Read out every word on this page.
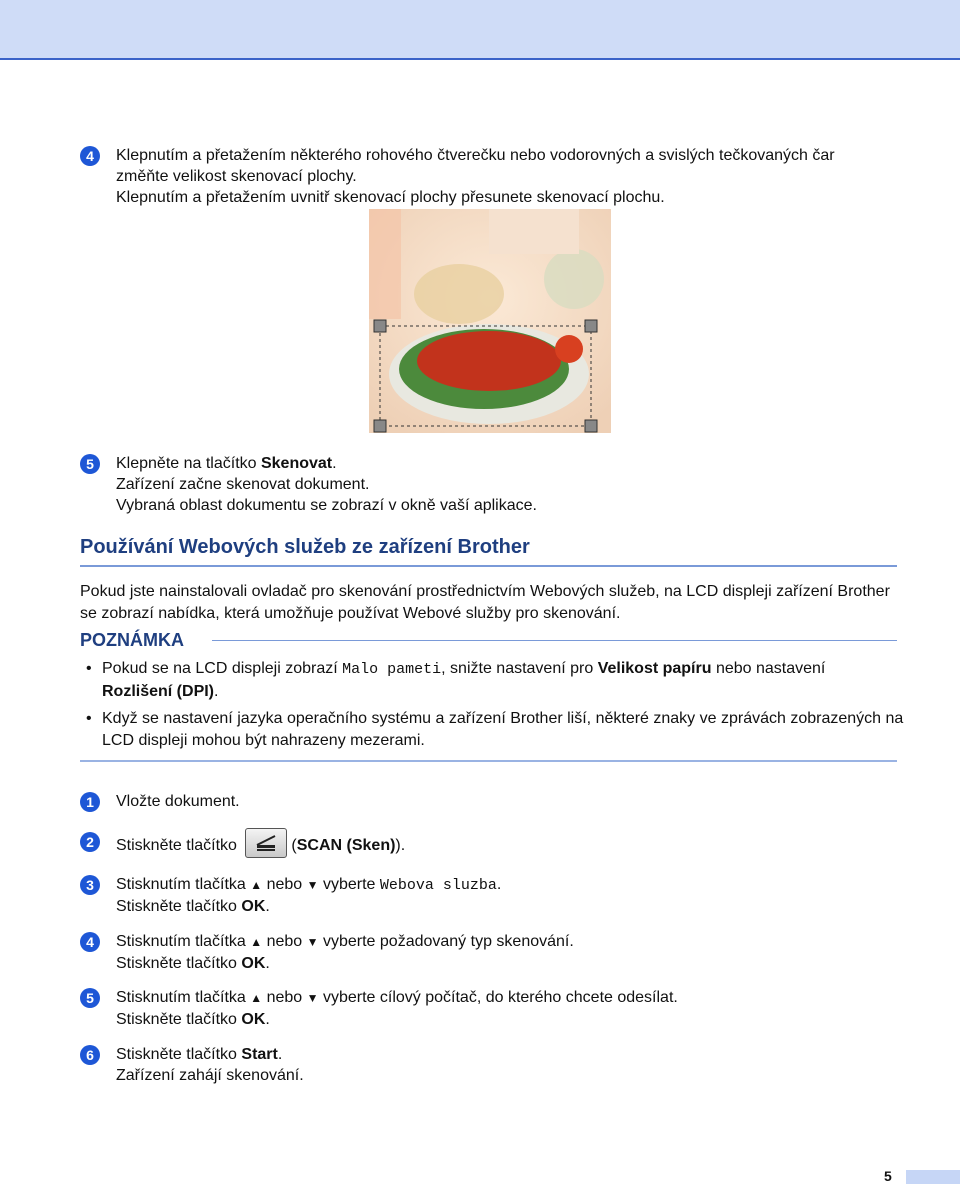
4	Klepnutím a přetažením některého rohového čtverečku nebo vodorovných a svislých tečkovaných čar
změňte velikost skenovací plochy.
Klepnutím a přetažením uvnitř skenovací plochy přesunete skenovací plochu.
5	Klepněte na tlačítko Skenovat.
Zařízení začne skenovat dokument.
Vybraná oblast dokumentu se zobrazí v okně vaší aplikace.
Používání Webových služeb ze zařízení Brother
Pokud jste nainstalovali ovladač pro skenování prostřednictvím Webových služeb, na LCD displeji zařízení Brother se zobrazí nabídka, která umožňuje používat Webové služby pro skenování.
POZNÁMKA
• Pokud se na LCD displeji zobrazí Malo pameti, snižte nastavení pro Velikost papíru nebo nastavení
Rozlišení (DPI).
• Když se nastavení jazyka operačního systému a zařízení Brother liší, některé znaky ve zprávách zobrazených na LCD displeji mohou být nahrazeny mezerami.
1	Vložte dokument.
2	Stiskněte tlačítko	(SCAN (Sken)).
3	Stisknutím tlačítka ▲ nebo ▼ vyberte Webova sluzba.
Stiskněte tlačítko OK.
4	Stisknutím tlačítka ▲ nebo ▼ vyberte požadovaný typ skenování.
Stiskněte tlačítko OK.
5	Stisknutím tlačítka ▲ nebo ▼ vyberte cílový počítač, do kterého chcete odesílat.
Stiskněte tlačítko OK.
6	Stiskněte tlačítko Start.
Zařízení zahájí skenování.
5
